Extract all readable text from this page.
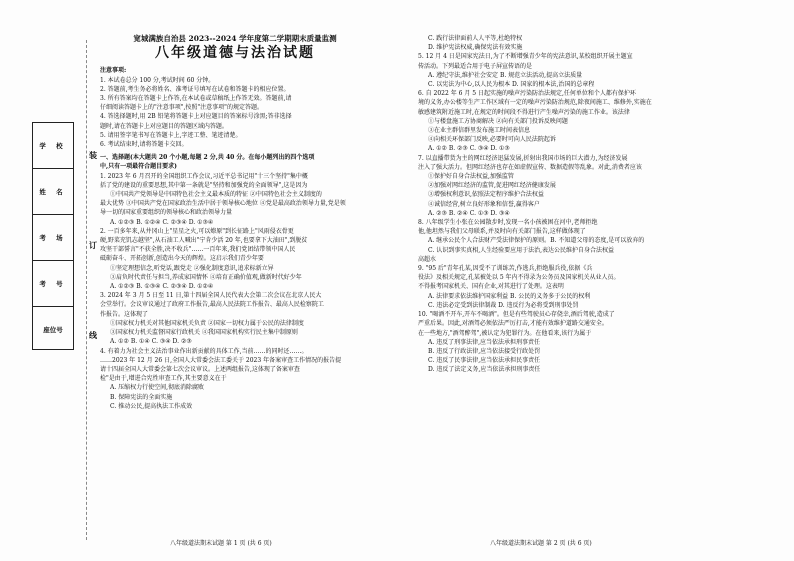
学 校
姓 名
考 场
考 号
座位号
装
订
线
宽城满族自治县 2023--2024 学年度第二学期期末质量监测
八年级道德与法治试题
注意事项:
1. 本试卷总分 100 分,考试时间 60 分钟。
2. 答题前,考生务必将姓名、准考证号填写在试卷和答题卡的相应位置。
3. 所有答案均在答题卡上作答,在本试卷或草稿纸上作答无效。答题前,请
仔细阅读答题卡上的"注意事项",按照"注意事项"的规定答题。
4. 答选择题时,用 2B 铅笔将答题卡上对应题目的答案标号涂黑;答非选择
题时,请在答题卡上对应题目的答题区域内答题。
5. 请用签字笔书写在答题卡上,字迹工整、笔迹清楚。
6. 考试结束时,请将答题卡交回。
一、选择题(本大题共 20 个小题,每题 2 分,共 40 分。在每小题列出的四个选项
中,只有一项最符合题目要求)
1. 2023 年 6 月召开的全国组织工作会议,习近平总书记用"十三个坚持"集中概
括了党的建设的重要思想,其中第一条就是"坚持和加强党的全面领导",这是因为
①中国共产党领导是中国特色社会主义最本质的特征 ②中国特色社会主义制度的
最大优势 ③中国共产党在国家政治生活中居于领导核心地位 ④党是最高政治领导力量,党是领
导一切的国家重要组织的领导核心和政治领导力量
A. ①②③ B. ①②④ C. ②③④ D. ①③④
2. 一百多年来,从井冈山上"星星之火,可以燎原"到长征路上"风雨侵衣骨更
硬,野菜充饥志越坚",从石油工人喊出"宁肯少活 20 年,也要拿下大油田",到脱贫
攻坚干部誓言"不获全胜,决不收兵"……一百年来,我们党团结带领中国人民
砥砺奋斗、开拓创新,创造出今天的辉煌。这启示我们青少年要
①坚定理想信念,听党话,跟党走 ②强化制度意识,追求标新立异
③肩负时代责任与担当,养成家国情怀 ④培育正确价值观,做新时代好少年
A. ①②③ B. ①③④ C. ②③④ D. ①②④
3. 2024 年 3 月 5 日至 11 日,第十四届全国人民代表大会第二次会议在北京人民大
会堂举行。会议审议通过了政府工作报告,最高人民法院工作报告、最高人民检察院工
作报告。这体现了
①国家权力机关对其他国家机关负责 ②国家一切权力属于公民的法律制度
③国家权力机关监督国家行政机关 ④我国国家机构实行民主集中制原则
A. ①② B. ①④ C. ③④ D. ②③
4. 有着力为社会主义法治事业作出新贡献的具体工作,当前……的同时还……。
……2023 年 12 月 26 日,全国人大常委会法工委关于 2023 年备案审查工作情况的报告提
请十四届全国人大常委会第七次会议审议。上述两组报告,这体现了备案审查
检"是由于,增进合宪性审查工作,其主要意义在于
A. 压缩权力行使空间,彻底消除腐败
B. 保障宪法的全面实施
C. 推动公民,提高执法工作成效
C. 践行法律面前人人平等,杜绝特权
D. 维护宪法权威,确保宪法有效实施
5. 12 月 4 日是国家宪法日,为了不断增强青少年的宪法意识,某校组织开展主题宣
传活动。下列最适合用于电子屏宣传语的是
A. 遵纪守法,维护社会安定 B. 规范立法活动,提高立法质量
C. 以宪法为中心,以人民为根本 D. 国家的根本法,治国的总章程
6. 自 2022 年 6 月 5 日起实施的噪声污染防治法规定,任何单位和个人都有保护环
境的义务,办公楼等生产工作区域有一定的噪声污染防治规范,除夜间施工、维修外,实施在
敏感建筑附近施工时,在规定的时间段不得进行产生噪声污染的施工作业。该法律
①与楼盘施工方协商解决 ②向有关部门投诉反映问题
③在业主群信群里发布施工时间表信息
④向相关环保部门反映,必要时可向人民法院起诉
A. ①② B. ②③ C. ③④ D. ①③
7. 以直播带货为主的网红经济迅猛发展,折射出我国市场的巨大潜力,为经济发展
注入了强大活力。但网红经济也存在如虚假宣传、数据造假等乱象。对此,消费者应该
①保护好自身合法权益,加强监管
②加强对网红经济的监管,促进网红经济健康发展
③增强权利意识,依照法定程序维护合法权益
④诚信经营,树立良好形象和信誉,赢得客户
A. ②③ B. ②④ C. ①③ D. ③④
8. 八年级学生小张在公园散步时,发现一名小孩被困在河中,老师拒绝
他,他坦然与我们父母联系,并及时向有关部门报告,这样做体现了
A. 继承公民个人合法财产受法律保护的原则。B. 不知道父母的态度,是可以放弃的
C. 认识到事实真相,人生经验要应用于法治,表达公民维护自身合法权益
高超水
9. "95 后"青年孔某,因受不了训练苦,作逃兵,拒绝服兵役,依据《兵
役法》及相关规定,孔某被处以 5 年内不得录为公务员及国家机关从业人员。
不得报考国家机关、国有企业,对其进行了处理。这表明
A. 法律要求依法维护国家利益 B. 公民的义务多于公民的权利
C. 违法必定受到法律制裁 D. 违反行为必将受到刑事处罚
10. "喝酒不开车,开车不喝酒"。但是有些驾驶员心存侥幸,酒后驾驶,造成了
严重后果。因此,对酒驾必须依法严厉打击,才能有效维护道路交通安全。
在一些地方,"酒驾醉驾",被认定为犯罪行为。在他看来,该行为属于
A. 违反了刑事法律,应当依法承担刑事责任
B. 违反了行政法律,应当依法接受行政处罚
C. 违反了民事法律,应当依法承担民事责任
D. 违反了法定义务,应当依法承担刑事责任
八年级道法期末试题 第 1 页 (共 6 页)	八年级道法期末试题 第 2 页 (共 6 页)
